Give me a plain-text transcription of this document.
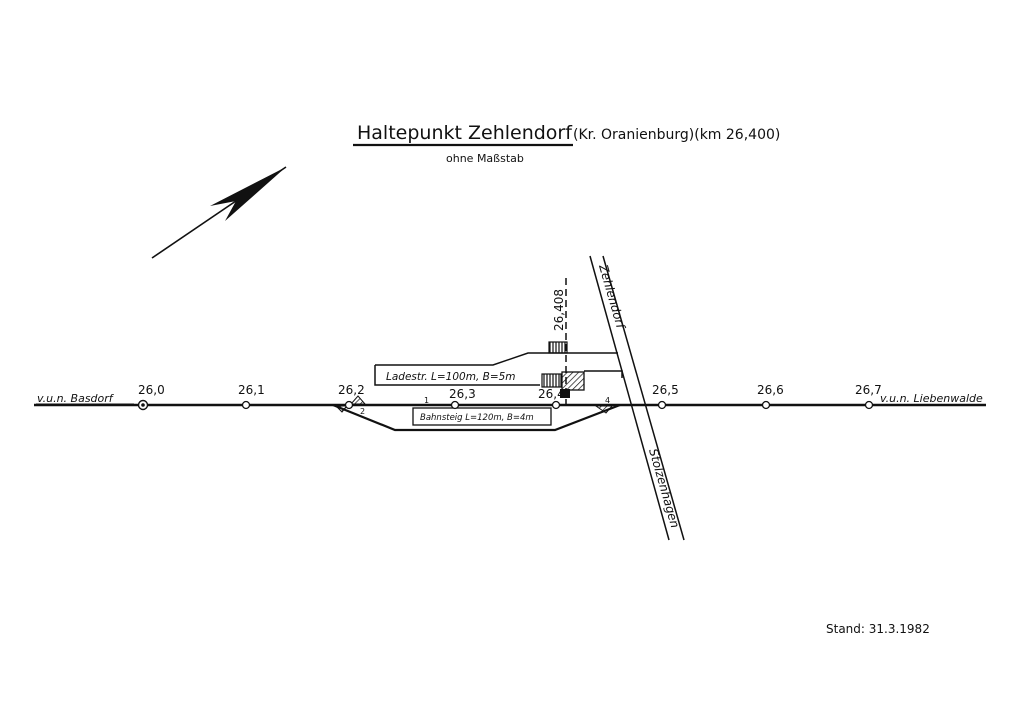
Haltepunkt Zehlendorf (Kr. Oranienburg)(km 26,400)
ohne Maßstab
Bahnsteig L=120m, B=4m
Ladestr. L=100m, B=5m
26,408	Zehlendorf
Stolzenhagen
1
2
4
26,0	26,1	26,2	26,3	26,4	26,5	26,6	26,7
v.u.n. Basdorf	v.u.n. Liebenwalde
Stand: 31.3.1982
